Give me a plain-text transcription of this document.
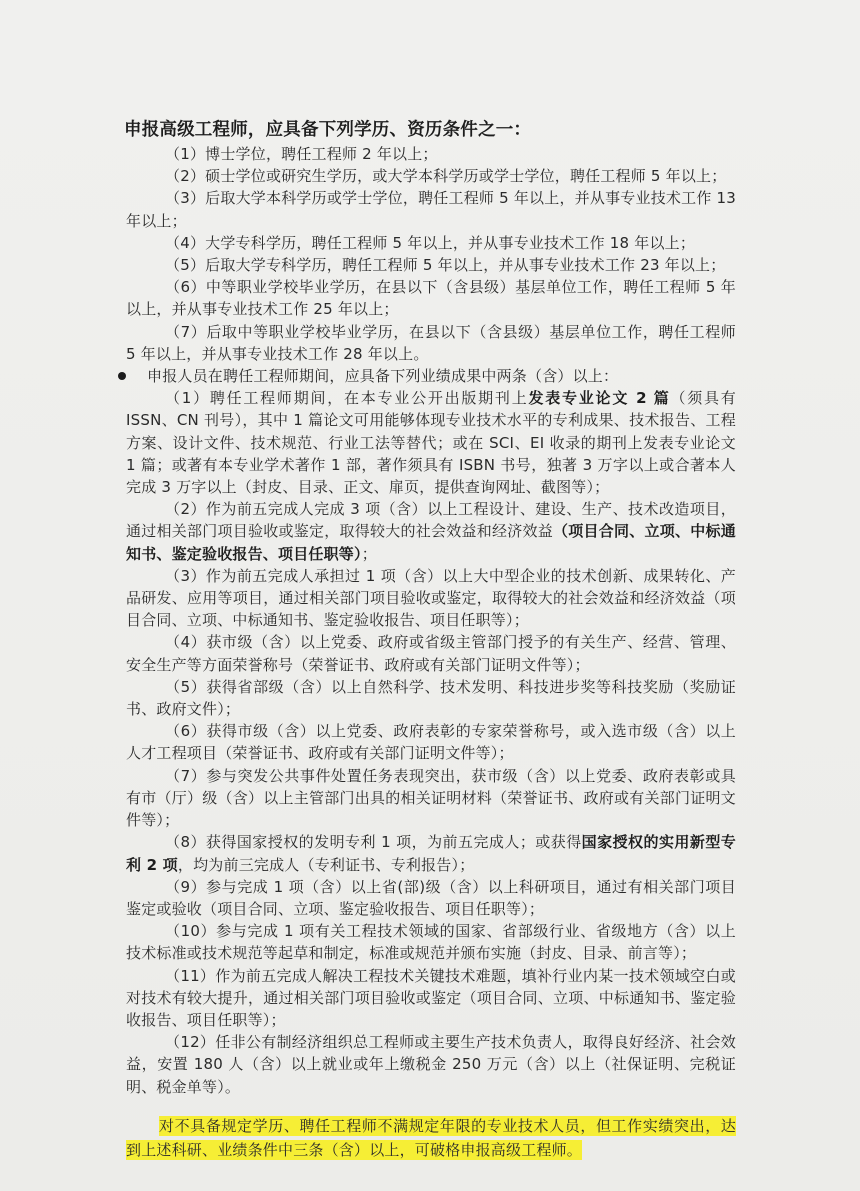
申报高级工程师，应具备下列学历、资历条件之一：

（1）博士学位，聘任工程师 2 年以上；

（2）硕士学位或研究生学历，或大学本科学历或学士学位，聘任工程师 5 年以上；

（3）后取大学本科学历或学士学位，聘任工程师 5 年以上，并从事专业技术工作 13 年以上；

（4）大学专科学历，聘任工程师 5 年以上，并从事专业技术工作 18 年以上；

（5）后取大学专科学历，聘任工程师 5 年以上，并从事专业技术工作 23 年以上；

（6）中等职业学校毕业学历，在县以下（含县级）基层单位工作，聘任工程师 5 年以上，并从事专业技术工作 25 年以上；

（7）后取中等职业学校毕业学历，在县以下（含县级）基层单位工作，聘任工程师 5 年以上，并从事专业技术工作 28 年以上。

申报人员在聘任工程师期间，应具备下列业绩成果中两条（含）以上：

（1）聘任工程师期间，在本专业公开出版期刊上发表专业论文 2 篇（须具有 ISSN、CN 刊号），其中 1 篇论文可用能够体现专业技术水平的专利成果、技术报告、工程方案、设计文件、技术规范、行业工法等替代；或在 SCI、EI 收录的期刊上发表专业论文 1 篇；或著有本专业学术著作 1 部，著作须具有 ISBN 书号，独著 3 万字以上或合著本人完成 3 万字以上（封皮、目录、正文、扉页，提供查询网址、截图等）；

（2）作为前五完成人完成 3 项（含）以上工程设计、建设、生产、技术改造项目，通过相关部门项目验收或鉴定，取得较大的社会效益和经济效益（项目合同、立项、中标通知书、鉴定验收报告、项目任职等）；

（3）作为前五完成人承担过 1 项（含）以上大中型企业的技术创新、成果转化、产品研发、应用等项目，通过相关部门项目验收或鉴定，取得较大的社会效益和经济效益（项目合同、立项、中标通知书、鉴定验收报告、项目任职等）；

（4）获市级（含）以上党委、政府或省级主管部门授予的有关生产、经营、管理、安全生产等方面荣誉称号（荣誉证书、政府或有关部门证明文件等）；

（5）获得省部级（含）以上自然科学、技术发明、科技进步奖等科技奖励（奖励证书、政府文件）；

（6）获得市级（含）以上党委、政府表彰的专家荣誉称号，或入选市级（含）以上人才工程项目（荣誉证书、政府或有关部门证明文件等）；

（7）参与突发公共事件处置任务表现突出，获市级（含）以上党委、政府表彰或具有市（厅）级（含）以上主管部门出具的相关证明材料（荣誉证书、政府或有关部门证明文件等）；

（8）获得国家授权的发明专利 1 项，为前五完成人；或获得国家授权的实用新型专利 2 项，均为前三完成人（专利证书、专利报告）；

（9）参与完成 1 项（含）以上省(部)级（含）以上科研项目，通过有相关部门项目鉴定或验收（项目合同、立项、鉴定验收报告、项目任职等）；

（10）参与完成 1 项有关工程技术领域的国家、省部级行业、省级地方（含）以上技术标准或技术规范等起草和制定，标准或规范并颁布实施（封皮、目录、前言等）；

（11）作为前五完成人解决工程技术关键技术难题，填补行业内某一技术领域空白或对技术有较大提升，通过相关部门项目验收或鉴定（项目合同、立项、中标通知书、鉴定验收报告、项目任职等）；

（12）任非公有制经济组织总工程师或主要生产技术负责人，取得良好经济、社会效益，安置 180 人（含）以上就业或年上缴税金 250 万元（含）以上（社保证明、完税证明、税金单等）。

对不具备规定学历、聘任工程师不满规定年限的专业技术人员，但工作实绩突出，达到上述科研、业绩条件中三条（含）以上，可破格申报高级工程师。
